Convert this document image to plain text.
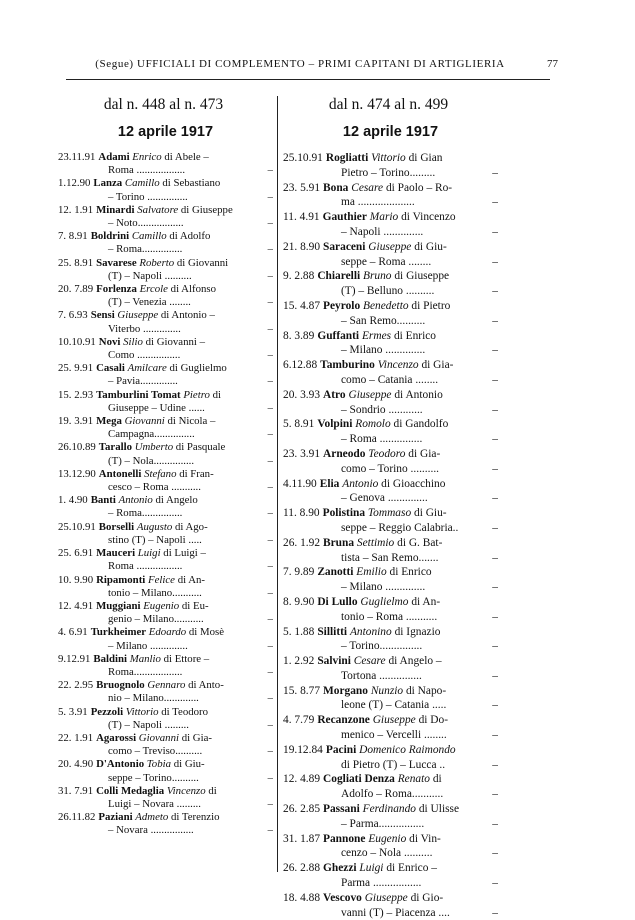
(Segue) UFFICIALI DI COMPLEMENTO – PRIMI CAPITANI DI ARTIGLIERIA	77
dal n. 448 al n. 473
12 aprile 1917
23.11.91 Adami Enrico di Abele –
Roma ..................	–
1.12.90 Lanza Camillo di Sebastiano
– Torino ...............	–
12. 1.91 Minardi Salvatore di Giuseppe
– Noto.................	–
7. 8.91 Boldrini Camillo di Adolfo
– Roma...............	–
25. 8.91 Savarese Roberto di Giovanni
(T) – Napoli ..........	–
20. 7.89 Forlenza Ercole di Alfonso
(T) – Venezia ........	–
7. 6.93 Sensi Giuseppe di Antonio –
Viterbo ..............	–
10.10.91 Novi Silio di Giovanni –
Como ................	–
25. 9.91 Casali Amilcare di Guglielmo
– Pavia..............	–
15. 2.93 Tamburlini Tomat Pietro di
Giuseppe – Udine ......	–
19. 3.91 Mega Giovanni di Nicola –
Campagna...............	–
26.10.89 Tarallo Umberto di Pasquale
(T) – Nola...............	–
13.12.90 Antonelli Stefano di Fran-
cesco – Roma ...........	–
1. 4.90 Banti Antonio di Angelo
– Roma...............	–
25.10.91 Borselli Augusto di Ago-
stino (T) – Napoli .....	–
25. 6.91 Mauceri Luigi di Luigi –
Roma .................	–
10. 9.90 Ripamonti Felice di An-
tonio – Milano...........	–
12. 4.91 Muggiani Eugenio di Eu-
genio – Milano...........	–
4. 6.91 Turkheimer Edoardo di Mosè
– Milano ..............	–
9.12.91 Baldini Manlio di Ettore –
Roma..................	–
22. 2.95 Bruognolo Gennaro di Anto-
nio – Milano.............	–
5. 3.91 Pezzoli Vittorio di Teodoro
(T) – Napoli .........	–
22. 1.91 Agarossi Giovanni di Gia-
como – Treviso..........	–
20. 4.90 D'Antonio Tobia di Giu-
seppe – Torino..........	–
31. 7.91 Colli Medaglia Vincenzo di
Luigi – Novara .........	–
26.11.82 Paziani Admeto di Terenzio
– Novara ................	–
dal n. 474 al n. 499
12 aprile 1917
25.10.91 Rogliatti Vittorio di Gian
Pietro – Torino.........	–
23. 5.91 Bona Cesare di Paolo – Ro-
ma ....................	–
11. 4.91 Gauthier Mario di Vincenzo
– Napoli ..............	–
21. 8.90 Saraceni Giuseppe di Giu-
seppe – Roma ........	–
9. 2.88 Chiarelli Bruno di Giuseppe
(T) – Belluno ..........	–
15. 4.87 Peyrolo Benedetto di Pietro
– San Remo..........	–
8. 3.89 Guffanti Ermes di Enrico
– Milano ..............	–
6.12.88 Tamburino Vincenzo di Gia-
como – Catania ........	–
20. 3.93 Atro Giuseppe di Antonio
– Sondrio ............	–
5. 8.91 Volpini Romolo di Gandolfo
– Roma ...............	–
23. 3.91 Arneodo Teodoro di Gia-
como – Torino ..........	–
4.11.90 Elia Antonio di Gioacchino
– Genova ..............	–
11. 8.90 Polistina Tommaso di Giu-
seppe – Reggio Calabria..	–
26. 1.92 Bruna Settimio di G. Bat-
tista – San Remo.......	–
7. 9.89 Zanotti Emilio di Enrico
– Milano ..............	–
8. 9.90 Di Lullo Guglielmo di An-
tonio – Roma ...........	–
5. 1.88 Sillitti Antonino di Ignazio
– Torino...............	–
1. 2.92 Salvini Cesare di Angelo –
Tortona ...............	–
15. 8.77 Morgano Nunzio di Napo-
leone (T) – Catania .....	–
4. 7.79 Recanzone Giuseppe di Do-
menico – Vercelli ........	–
19.12.84 Pacini Domenico Raimondo
di Pietro (T) – Lucca ..	–
12. 4.89 Cogliati Denza Renato di
Adolfo – Roma...........	–
26. 2.85 Passani Ferdinando di Ulisse
– Parma................	–
31. 1.87 Pannone Eugenio di Vin-
cenzo – Nola ..........	–
26. 2.88 Ghezzi Luigi di Enrico –
Parma .................	–
18. 4.88 Vescovo Giuseppe di Gio-
vanni (T) – Piacenza ....	–
